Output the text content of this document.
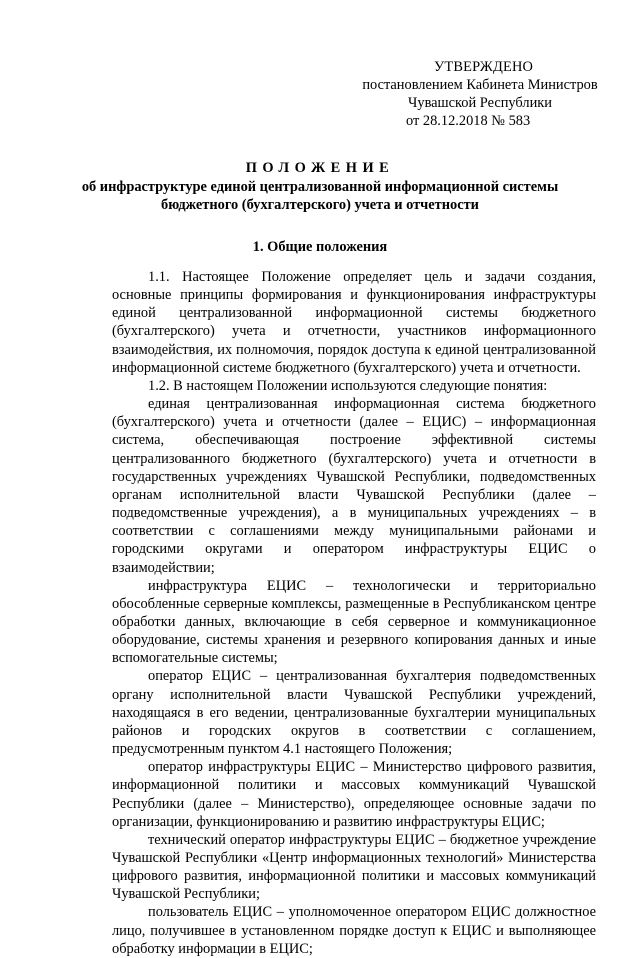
УТВЕРЖДЕНО
постановлением Кабинета Министров
Чувашской Республики
от 28.12.2018 № 583
ПОЛОЖЕНИЕ
об инфраструктуре единой централизованной информационной системы
бюджетного (бухгалтерского) учета и отчетности
1. Общие положения

1.1. Настоящее Положение определяет цель и задачи создания, основные принципы формирования и функционирования инфраструктуры единой централизованной информационной системы бюджетного (бухгалтерского) учета и отчетности, участников информационного взаимодействия, их полномочия, порядок доступа к единой централизованной информационной системе бюджетного (бухгалтерского) учета и отчетности.

1.2. В настоящем Положении используются следующие понятия:

единая централизованная информационная система бюджетного (бухгалтерского) учета и отчетности (далее – ЕЦИС) – информационная система, обеспечивающая построение эффективной системы централизованного бюджетного (бухгалтерского) учета и отчетности в государственных учреждениях Чувашской Республики, подведомственных органам исполнительной власти Чувашской Республики (далее – подведомственные учреждения), а в муниципальных учреждениях – в соответствии с соглашениями между муниципальными районами и городскими округами и оператором инфраструктуры ЕЦИС о взаимодействии;

инфраструктура ЕЦИС – технологически и территориально обособленные серверные комплексы, размещенные в Республиканском центре обработки данных, включающие в себя серверное и коммуникационное оборудование, системы хранения и резервного копирования данных и иные вспомогательные системы;

оператор ЕЦИС – централизованная бухгалтерия подведомственных органу исполнительной власти Чувашской Республики учреждений, находящаяся в его ведении, централизованные бухгалтерии муниципальных районов и городских округов в соответствии с соглашением, предусмотренным пунктом 4.1 настоящего Положения;

оператор инфраструктуры ЕЦИС – Министерство цифрового развития, информационной политики и массовых коммуникаций Чувашской Республики (далее – Министерство), определяющее основные задачи по организации, функционированию и развитию инфраструктуры ЕЦИС;

технический оператор инфраструктуры ЕЦИС – бюджетное учреждение Чувашской Республики «Центр информационных технологий» Министерства цифрового развития, информационной политики и массовых коммуникаций Чувашской Республики;

пользователь ЕЦИС – уполномоченное оператором ЕЦИС должностное лицо, получившее в установленном порядке доступ к ЕЦИС и выполняющее обработку информации в ЕЦИС;
